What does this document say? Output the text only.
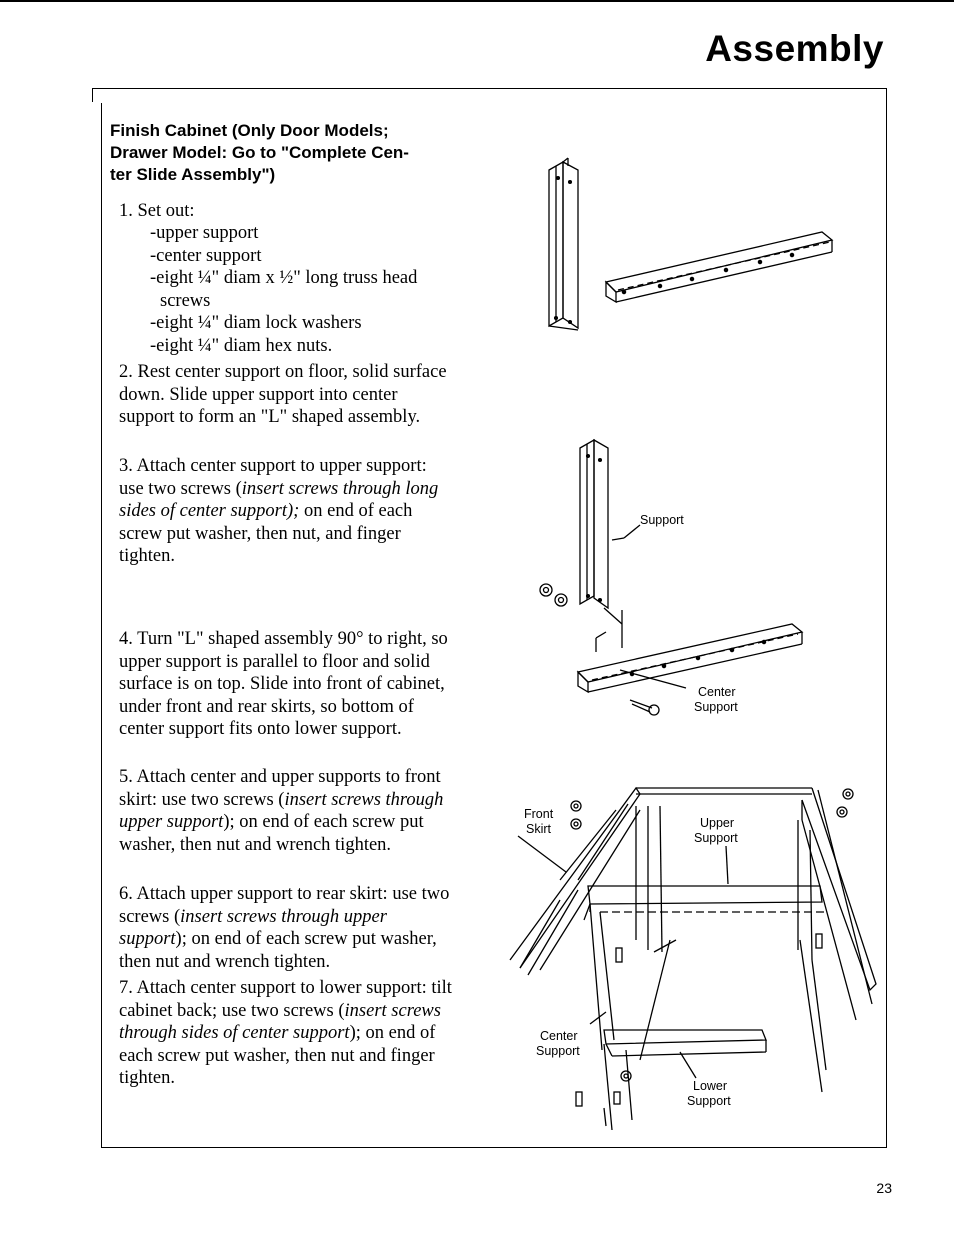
Assembly
Finish Cabinet (Only Door Models;
Drawer Model: Go to "Complete Cen-
ter Slide Assembly")

1. Set out:

-upper support
-center support
-eight ¼" diam x ½" long truss head
screws
-eight ¼" diam lock washers
-eight ¼" diam hex nuts.

2. Rest center support on floor, solid surface down. Slide upper support into center support to form an "L" shaped assembly.

3. Attach center support to upper support: use two screws (insert screws through long sides of center support); on end of each screw put washer, then nut, and finger tighten.

4. Turn "L" shaped assembly 90° to right, so upper support is parallel to floor and solid surface is on top. Slide into front of cabinet, under front and rear skirts, so bottom of center support fits onto lower support.

5. Attach center and upper supports to front skirt: use two screws (insert screws through upper support); on end of each screw put washer, then nut and wrench tighten.

6. Attach upper support to rear skirt: use two screws (insert screws through upper support); on end of each screw put washer, then nut and wrench tighten.

7. Attach center support to lower support: tilt cabinet back; use two screws (insert screws through sides of center support); on end of each screw put washer, then nut and finger tighten.

Support
Center
Support
Front
Skirt	Upper
Support
Center
Support
Lower
Support
23
